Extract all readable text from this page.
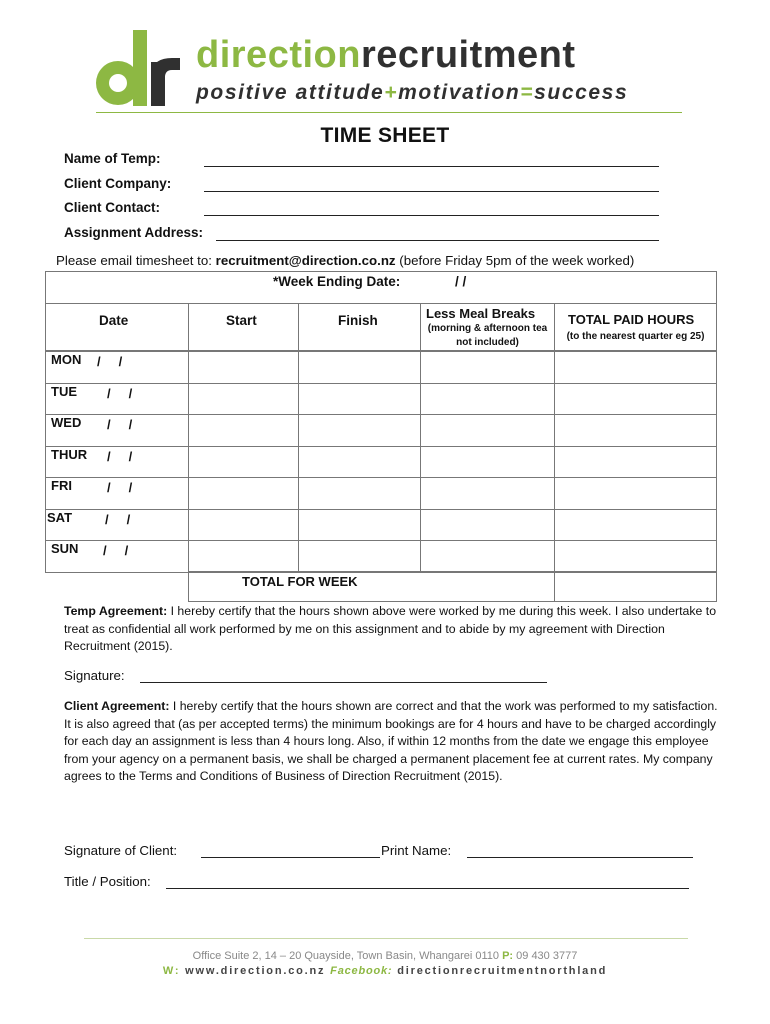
directionrecruitment
positive attitude+motivation=success
TIME SHEET
Name of Temp:
Client Company:
Client Contact:
Assignment Address:
Please email timesheet to: recruitment@direction.co.nz (before Friday 5pm of the week worked)
*Week Ending Date:	/ /
Date	Start	Finish	Less Meal Breaks
(morning & afternoon tea
not included)
TOTAL PAID HOURS
(to the nearest quarter eg 25)
MON /     /
TUE /     /
WED /     /
THUR /     /
FRI	/     /
SAT	/     /
SUN /     /
TOTAL FOR WEEK
Temp Agreement: I hereby certify that the hours shown above were worked by me during this week. I also undertake to treat as confidential all work performed by me on this assignment and to abide by my agreement with Direction Recruitment (2015).
Signature:
Client Agreement: I hereby certify that the hours shown are correct and that the work was performed to my satisfaction. It is also agreed that (as per accepted terms) the minimum bookings are for 4 hours and have to be charged accordingly for each day an assignment is less than 4 hours long. Also, if within 12 months from the date we engage this employee from your agency on a permanent basis, we shall be charged a permanent placement fee at current rates. My company agrees to the Terms and Conditions of Business of Direction Recruitment (2015).
Signature of Client:	Print Name:
Title / Position:
Office Suite 2, 14 – 20 Quayside, Town Basin, Whangarei 0110 P: 09 430 3777
W: www.direction.co.nz Facebook: directionrecruitmentnorthland
